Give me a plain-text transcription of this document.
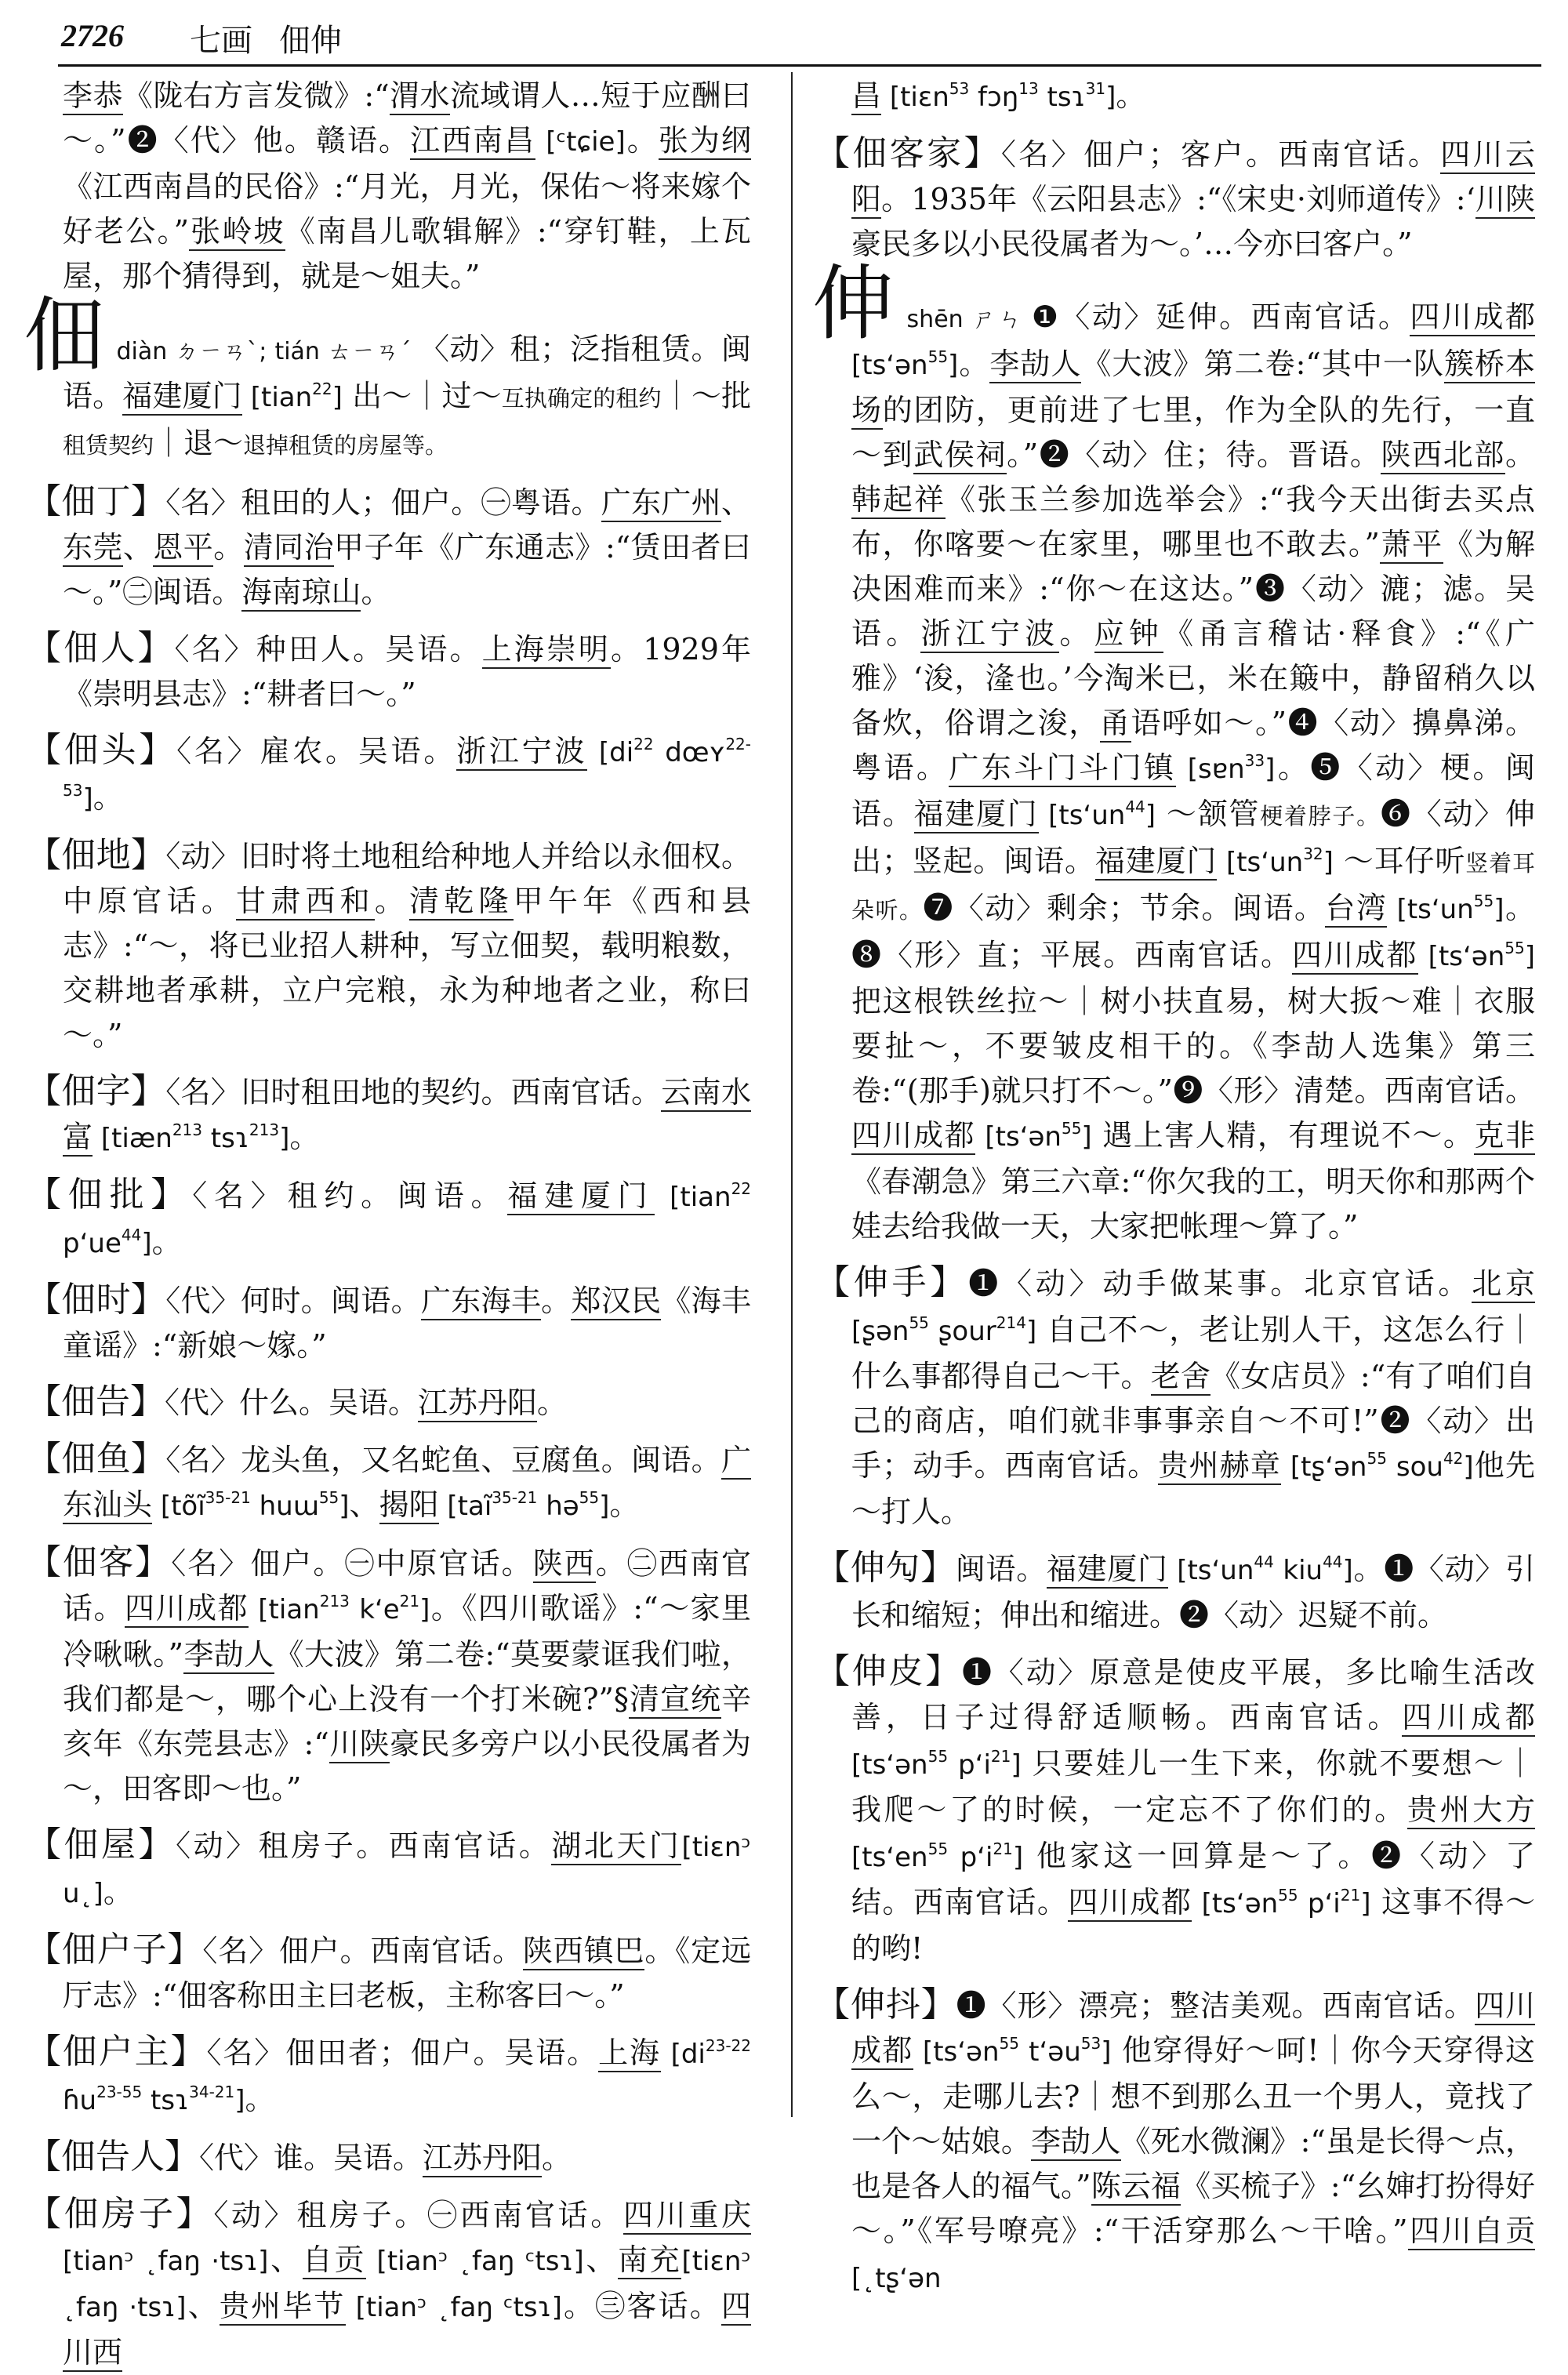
2726 七画 佃伸
李恭《陇右方言发微》:“渭水流域谓人…短于应酬曰～。”❷〈代〉他。赣语。江西南昌 [ᶜtɕie]。张为纲《江西南昌的民俗》:“月光，月光，保佑～将来嫁个好老公。”张岭坡《南昌儿歌辑解》:“穿钉鞋，上瓦屋，那个猜得到，就是～姐夫。”
佃diàn ㄉㄧㄢˋ; tián ㄊㄧㄢˊ 〈动〉租；泛指租赁。闽语。福建厦门 [tian$^{22}$] 出～｜过～互执确定的租约｜～批租赁契约｜退～退掉租赁的房屋等。
【佃丁】〈名〉租田的人；佃户。㊀粤语。广东广州、东莞、恩平。清同治甲子年《广东通志》:“赁田者曰～。”㊁闽语。海南琼山。
【佃人】〈名〉种田人。吴语。上海崇明。1929年《崇明县志》:“耕者曰～。”
【佃头】〈名〉雇农。吴语。浙江宁波 [$di^{22}$ dœʏ$^{22-53}$]。
【佃地】〈动〉旧时将土地租给种地人并给以永佃权。中原官话。甘肃西和。清乾隆甲午年《西和县志》:“～，将已业招人耕种，写立佃契，载明粮数，交耕地者承耕，立户完粮，永为种地者之业，称曰～。”
【佃字】〈名〉旧时租田地的契约。西南官话。云南水富 [tiæn$^{213}$ tsɿ$^{213}$]。
【佃批】〈名〉租约。闽语。福建厦门 [tian$^{22}$ $p‘ue^{44}$]。
【佃时】〈代〉何时。闽语。广东海丰。郑汉民《海丰童谣》:“新娘～嫁。”
【佃告】〈代〉什么。吴语。江苏丹阳。
【佃鱼】〈名〉龙头鱼，又名蛇鱼、豆腐鱼。闽语。广东汕头 [tõĩ$^{35-21}$ huɯ$^{55}$]、揭阳 [taĩ$^{35-21}$ hə$^{55}$]。
【佃客】〈名〉佃户。㊀中原官话。陕西。㊁西南官话。四川成都 [tian$^{213}$ $k‘e^{21}$]。《四川歌谣》:“～家里冷啾啾。”李劼人《大波》第二卷:“莫要蒙诓我们啦，我们都是～，哪个心上没有一个打米碗?”§清宣统辛亥年《东莞县志》:“川陕豪民多旁户以小民役属者为～，田客即～也。”
【佃屋】〈动〉租房子。西南官话。湖北天门[tiɛnᵓ u˛]。
【佃户子】〈名〉佃户。西南官话。陕西镇巴。《定远厅志》:“佃客称田主曰老板，主称客曰～。”
【佃户主】〈名〉佃田者；佃户。吴语。上海 [$di^{23-22}$ ɦu$^{23-55}$ tsɿ$^{34-21}$]。
【佃告人】〈代〉谁。吴语。江苏丹阳。
【佃房子】〈动〉租房子。㊀西南官话。四川重庆[tianᵓ ˛faŋ ·tsɿ]、自贡 [tianᵓ ˛faŋ ᶜtsɿ]、南充[tiɛnᵓ ˛faŋ ·tsɿ]、贵州毕节 [tianᵓ ˛faŋ ᶜtsɿ]。㊂客话。四川西
昌 [tiɛn$^{53}$ fɔŋ$^{13}$ tsɿ$^{31}$]。
【佃客家】〈名〉佃户；客户。西南官话。四川云阳。1935年《云阳县志》:“《宋史·刘师道传》:‘川陕豪民多以小民役属者为～。’…今亦曰客户。”
伸shēn ㄕㄣ ❶〈动〉延伸。西南官话。四川成都 [ts‘ən$^{55}$]。李劼人《大波》第二卷:“其中一队簇桥本场的团防，更前进了七里，作为全队的先行，一直～到武侯祠。”❷〈动〉住；待。晋语。陕西北部。韩起祥《张玉兰参加选举会》:“我今天出街去买点布，你喀要～在家里，哪里也不敢去。”萧平《为解决困难而来》:“你～在这达。”❸〈动〉漉；滤。吴语。浙江宁波。应钟《甬言稽诂·释食》:“《广雅》‘浚，湰也。’今淘米已，米在簸中，静留稍久以备炊，俗谓之浚，甬语呼如～。”❹〈动〉擤鼻涕。粤语。广东斗门斗门镇 [sɐn$^{33}$]。❺〈动〉梗。闽语。福建厦门 $[ts‘un^{44}]$ ～颔管梗着脖子。❻〈动〉伸出；竖起。闽语。福建厦门 $[ts‘un^{32}]$ ～耳仔听竖着耳朵听。❼〈动〉剩余；节余。闽语。台湾 $[ts‘un^{55}]$。❽〈形〉直；平展。西南官话。四川成都 [ts‘ən$^{55}$] 把这根铁丝拉～｜树小扶直易，树大扳～难｜衣服要扯～，不要皱皮相干的。《李劼人选集》第三卷:“(那手)就只打不～。”❾〈形〉清楚。西南官话。四川成都 [ts‘ən$^{55}$] 遇上害人精，有理说不～。克非《春潮急》第三六章:“你欠我的工，明天你和那两个娃去给我做一天，大家把帐理～算了。”
【伸手】❶〈动〉动手做某事。北京官话。北京 [ʂən$^{55}$ ʂour$^{214}$] 自己不～，老让别人干，这怎么行｜什么事都得自己～干。老舍《女店员》:“有了咱们自己的商店，咱们就非事事亲自～不可!”❷〈动〉出手；动手。西南官话。贵州赫章 [tʂ‘ən$^{55}$ sou$^{42}$]他先～打人。
【伸勼】闽语。福建厦门 [$ts‘un^{44}$ kiu$^{44}$]。❶〈动〉引长和缩短；伸出和缩进。❷〈动〉迟疑不前。
【伸皮】❶〈动〉原意是使皮平展，多比喻生活改善，日子过得舒适顺畅。西南官话。四川成都 [ts‘ən$^{55}$ $p‘i^{21}$] 只要娃儿一生下来，你就不要想～｜我爬～了的时候，一定忘不了你们的。贵州大方 [$ts‘en^{55}$ $p‘i^{21}$] 他家这一回算是～了。❷〈动〉了结。西南官话。四川成都 [ts‘ən$^{55}$ $p‘i^{21}$] 这事不得～的哟!
【伸抖】❶〈形〉漂亮；整洁美观。西南官话。四川成都 [ts‘ən$^{55}$ t‘əu$^{53}$] 他穿得好～呵!｜你今天穿得这么～，走哪儿去?｜想不到那么丑一个男人，竟找了一个～姑娘。李劼人《死水微澜》:“虽是长得～点，也是各人的福气。”陈云福《买梳子》:“幺婶打扮得好～。”《军号嘹亮》:“干活穿那么～干啥。”四川自贡 [˛tʂ‘ən
